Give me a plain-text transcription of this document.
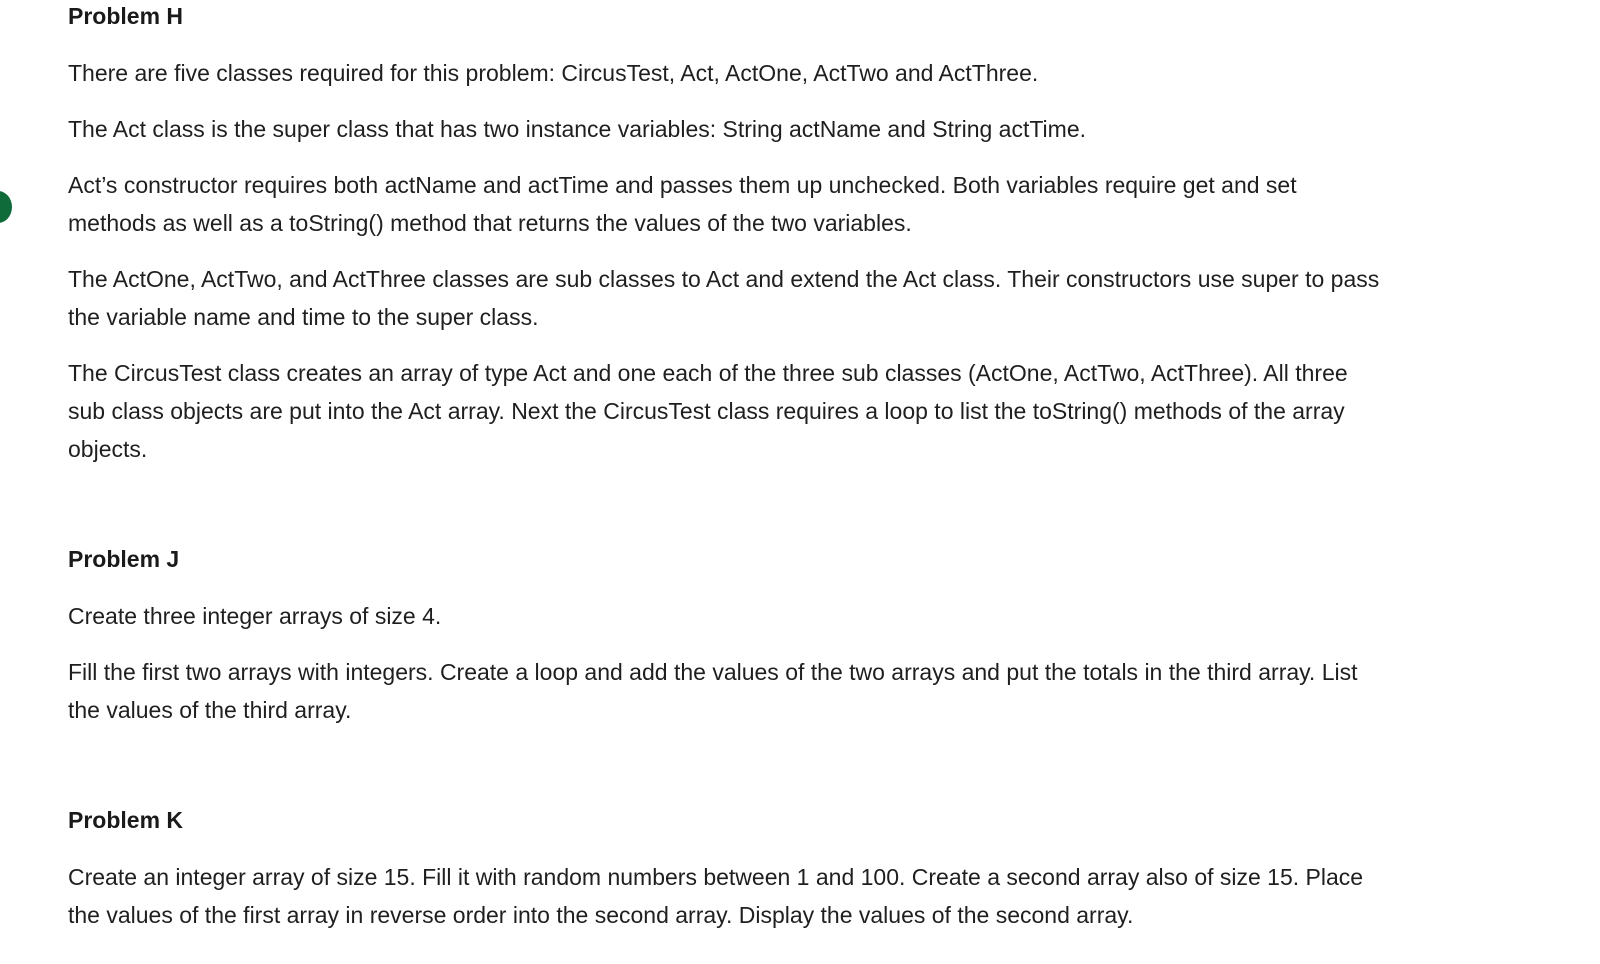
Problem H

There are five classes required for this problem: CircusTest, Act, ActOne, ActTwo and ActThree.

The Act class is the super class that has two instance variables: String actName and String actTime.

Act’s constructor requires both actName and actTime and passes them up unchecked. Both variables require get and set methods as well as a toString() method that returns the values of the two variables.

The ActOne, ActTwo, and ActThree classes are sub classes to Act and extend the Act class. Their constructors use super to pass the variable name and time to the super class.

The CircusTest class creates an array of type Act and one each of the three sub classes (ActOne, ActTwo, ActThree). All three sub class objects are put into the Act array. Next the CircusTest class requires a loop to list the toString() methods of the array objects.

Problem J

Create three integer arrays of size 4.

Fill the first two arrays with integers. Create a loop and add the values of the two arrays and put the totals in the third array. List the values of the third array.

Problem K

Create an integer array of size 15. Fill it with random numbers between 1 and 100. Create a second array also of size 15. Place the values of the first array in reverse order into the second array. Display the values of the second array.
